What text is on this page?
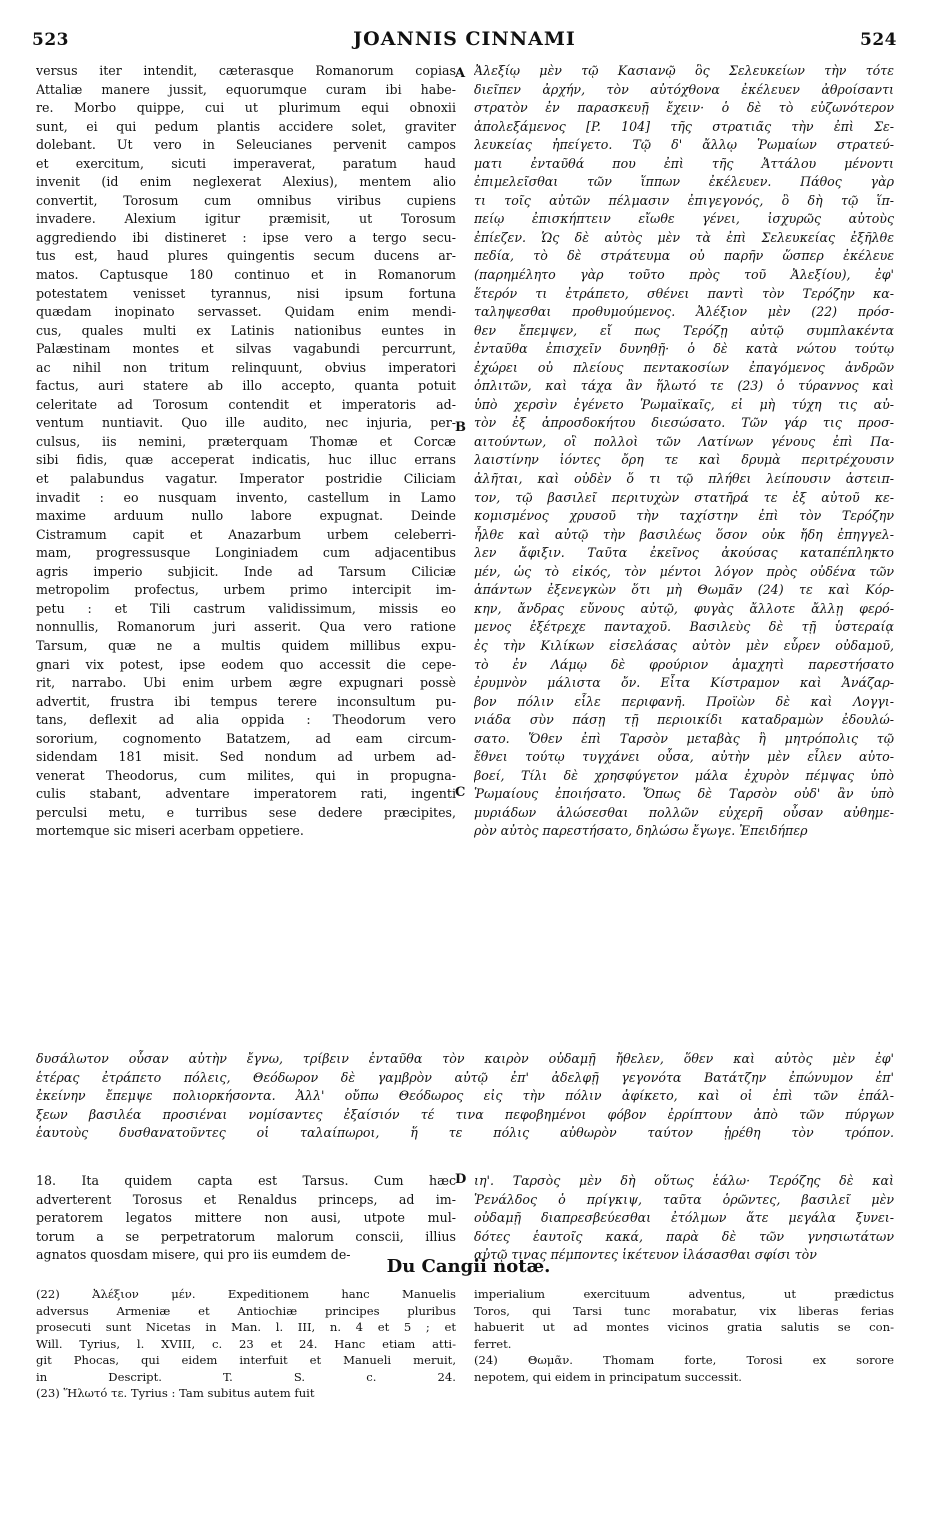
523	JOANNIS CINNAMI	524
versus iter intendit, cæterasque Romanorum copias
Attaliæ manere jussit, equorumque curam ibi habe-
re. Morbo quippe, cui ut plurimum equi obnoxii
sunt, ei qui pedum plantis accidere solet, graviter
dolebant. Ut vero in Seleucianes pervenit campos
et exercitum, sicuti imperaverat, paratum haud
invenit (id enim neglexerat Alexius), mentem alio
convertit, Torosum cum omnibus viribus cupiens
invadere. Alexium igitur præmisit, ut Torosum
aggrediendo ibi distineret : ipse vero a tergo secu-
tus est, haud plures quingentis secum ducens ar-
matos. Captusque 180 continuo et in Romanorum
potestatem venisset tyrannus, nisi ipsum fortuna
quædam inopinato servasset. Quidam enim mendi-
cus, quales multi ex Latinis nationibus euntes in
Palæstinam montes et silvas vagabundi percurrunt,
ac nihil non tritum relinquunt, obvius imperatori
factus, auri statere ab illo accepto, quanta potuit
celeritate ad Torosum contendit et imperatoris ad-
ventum nuntiavit. Quo ille audito, nec injuria, per-
culsus, iis nemini, præterquam Thomæ et Corcæ
sibi fidis, quæ acceperat indicatis, huc illuc errans
et palabundus vagatur. Imperator postridie Ciliciam
invadit : eo nusquam invento, castellum in Lamo
maxime arduum nullo labore expugnat. Deinde
Cistramum capit et Anazarbum urbem celeberri-
mam, progressusque Longiniadem cum adjacentibus
agris imperio subjicit. Inde ad Tarsum Ciliciæ
metropolim profectus, urbem primo intercipit im-
petu : et Tili castrum validissimum, missis eo
nonnullis, Romanorum juri asserit. Qua vero ratione
Tarsum, quæ ne a multis quidem millibus expu-
gnari vix potest, ipse eodem quo accessit die cepe-
rit, narrabo. Ubi enim urbem ægre expugnari possè
advertit, frustra ibi tempus terere inconsultum pu-
tans, deflexit ad alia oppida : Theodorum vero
sororium, cognomento Batatzem, ad eam circum-
sidendam 181 misit. Sed nondum ad urbem ad-
venerat Theodorus, cum milites, qui in propugna-
culis stabant, adventare imperatorem rati, ingenti
perculsi metu, e turribus sese dedere præcipites,
mortemque sic miseri acerbam oppetiere.
Ἀλεξίῳ μὲν τῷ Κασιανῷ ὃς Σελευκείων τὴν τότε
διεῖπεν ἀρχήν, τὸν αὐτόχθονα ἐκέλευεν ἀθροίσαντι
στρατὸν ἐν παρασκευῇ ἔχειν· ὁ δὲ τὸ εὐζωνότερον
ἀπολεξάμενος [P. 104] τῆς στρατιᾶς τὴν ἐπὶ Σε-
λευκείας ἠπείγετο. Τῷ δ' ἄλλῳ Ῥωμαίων στρατεύ-
ματι ἐνταῦθά που ἐπὶ τῆς Ἀττάλου μένοντι
ἐπιμελεῖσθαι τῶν ἵππων ἐκέλευεν. Πάθος γὰρ
τι τοῖς αὐτῶν πέλμασιν ἐπιγεγονός, ὃ δὴ τῷ ἵπ-
πείῳ ἐπισκήπτειν εἴωθε γένει, ἰσχυρῶς αὐτοὺς
ἐπίεζεν. Ὡς δὲ αὐτὸς μὲν τὰ ἐπὶ Σελευκείας ἐξῆλθε
πεδία, τὸ δὲ στράτευμα οὐ παρῆν ὥσπερ ἐκέλευε
(παρημέλητο γὰρ τοῦτο πρὸς τοῦ Ἀλεξίου), ἐφ'
ἕτερόν τι ἐτράπετο, σθένει παντὶ τὸν Τερόζην κα-
ταληψεσθαι προθυμούμενος. Ἀλέξιον μὲν (22) πρόσ-
θεν ἔπεμψεν, εἴ πως Τερόζῃ αὐτῷ συμπλακέντα
ἐνταῦθα ἐπισχεῖν δυνηθῇ· ὁ δὲ κατὰ νώτου τούτῳ
ἐχώρει οὐ πλείους πεντακοσίων ἐπαγόμενος ἀνδρῶν
ὁπλιτῶν, καὶ τάχα ἂν ἥλωτό τε (23) ὁ τύραννος καὶ
ὑπὸ χερσὶν ἐγένετο Ῥωμαϊκαῖς, εἰ μὴ τύχη τις αὐ-
τὸν ἐξ ἀπροσδοκήτου διεσώσατο. Τῶν γάρ τις προσ-
αιτούντων, οἳ πολλοὶ τῶν Λατίνων γένους ἐπὶ Πα-
λαιστίνην ἰόντες ὄρη τε καὶ δρυμὰ περιτρέχουσιν
ἀλῆται, καὶ οὐδὲν ὅ τι τῷ πλήθει λείπουσιν ἀστειπ-
τον, τῷ βασιλεῖ περιτυχὼν στατῆρά τε ἐξ αὐτοῦ κε-
κομισμένος χρυσοῦ τὴν ταχίστην ἐπὶ τὸν Τερόζην
ἦλθε καὶ αὐτῷ τὴν βασιλέως ὅσον οὐκ ἤδη ἐπηγγελ-
λεν ἄφιξιν. Ταῦτα ἐκεῖνος ἀκούσας καταπέπληκτο
μέν, ὡς τὸ εἰκός, τὸν μέντοι λόγον πρὸς οὐδένα τῶν
ἁπάντων ἐξενεγκὼν ὅτι μὴ Θωμᾶν (24) τε καὶ Κόρ-
κην, ἄνδρας εὔνους αὐτῷ, φυγὰς ἄλλοτε ἄλλῃ φερό-
μενος ἐξέτρεχε πανταχοῦ. Βασιλεὺς δὲ τῇ ὑστεραίᾳ
ἐς τὴν Κιλίκων εἰσελάσας αὐτὸν μὲν εὗρεν οὐδαμοῦ,
τὸ ἐν Λάμῳ δὲ φρούριον ἀμαχητὶ παρεστήσατο
ἐρυμνὸν μάλιστα ὄν. Εἶτα Κίστραμον καὶ Ἀνάζαρ-
βον πόλιν εἷλε περιφανῆ. Προϊὼν δὲ καὶ Λογγι-
νιάδα σὺν πάσῃ τῇ περιοικίδι καταδραμὼν ἐδουλώ-
σατο. Ὅθεν ἐπὶ Ταρσὸν μεταβὰς ἣ μητρόπολις τῷ
ἔθνει τούτῳ τυγχάνει οὖσα, αὐτὴν μὲν εἷλεν αὐτο-
βοεί, Τίλι δὲ χρησφύγετον μάλα ἐχυρὸν πέμψας ὑπὸ
Ῥωμαίους ἐποιήσατο. Ὅπως δὲ Ταρσὸν οὐδ' ἂν ὑπὸ
μυριάδων ἁλώσεσθαι πολλῶν εὐχερῆ οὖσαν αὐθημε-
ρὸν αὐτὸς παρεστήσατο, δηλώσω ἔγωγε. Ἐπειδήπερ
A
B
C
D
δυσάλωτον οὖσαν αὐτὴν ἔγνω, τρίβειν ἐνταῦθα τὸν καιρὸν οὐδαμῇ ἤθελεν, ὅθεν καὶ αὐτὸς μὲν ἐφ'
ἑτέρας ἐτράπετο πόλεις, Θεόδωρον δὲ γαμβρὸν αὐτῷ ἐπ' ἀδελφῇ γεγονότα Βατάτζην ἐπώνυμον ἐπ'
ἐκείνην ἔπεμψε πολιορκήσοντα. Ἀλλ' οὔπω Θεόδωρος εἰς τὴν πόλιν ἀφίκετο, καὶ οἱ ἐπὶ τῶν ἐπάλ-
ξεων βασιλέα προσιέναι νομίσαντες ἐξαίσιόν τέ τινα πεφοβημένοι φόβον ἐρρίπτουν ἀπὸ τῶν πύργων
ἑαυτοὺς δυσθανατοῦντες οἱ ταλαίπωροι, ἥ τε πόλις αὐθωρὸν ταύτον ᾑρέθη τὸν τρόπον.
18. Ita quidem capta est Tarsus. Cum hæc
adverterent Torosus et Renaldus princeps, ad im-
peratorem legatos mittere non ausi, utpote mul-
torum a se perpetratorum malorum conscii, illius
agnatos quosdam misere, qui pro iis eumdem de-
ιη'. Ταρσὸς μὲν δὴ οὕτως ἑάλω· Τερόζης δὲ καὶ
Ῥενάλδος ὁ πρίγκιψ, ταῦτα ὁρῶντες, βασιλεῖ μὲν
οὐδαμῇ διαπρεσβεύεσθαι ἐτόλμων ἅτε μεγάλα ξυνει-
δότες ἑαυτοῖς κακά, παρὰ δὲ τῶν γνησιωτάτων
αὐτῷ τινας πέμποντες ἱκέτευον ἱλάσασθαι σφίσι τὸν
Du Cangii notæ.
(22) Ἀλέξιον μέν. Expeditionem hanc Manuelis
adversus Armeniæ et Antiochiæ principes pluribus
prosecuti sunt Nicetas in Man. l. III, n. 4 et 5 ; et
Will. Tyrius, l. XVIII, c. 23 et 24. Hanc etiam atti-
git Phocas, qui eidem interfuit et Manueli meruit,
in Descript. T. S. c. 24.
(23) Ἥλωτό τε. Tyrius : Tam subitus autem fuit
imperialium exercituum adventus, ut prædictus
Toros, qui Tarsi tunc morabatur, vix liberas ferias
habuerit ut ad montes vicinos gratia salutis se con-
ferret.
(24) Θωμᾶν. Thomam forte, Torosi ex sorore
nepotem, qui eidem in principatum successit.
